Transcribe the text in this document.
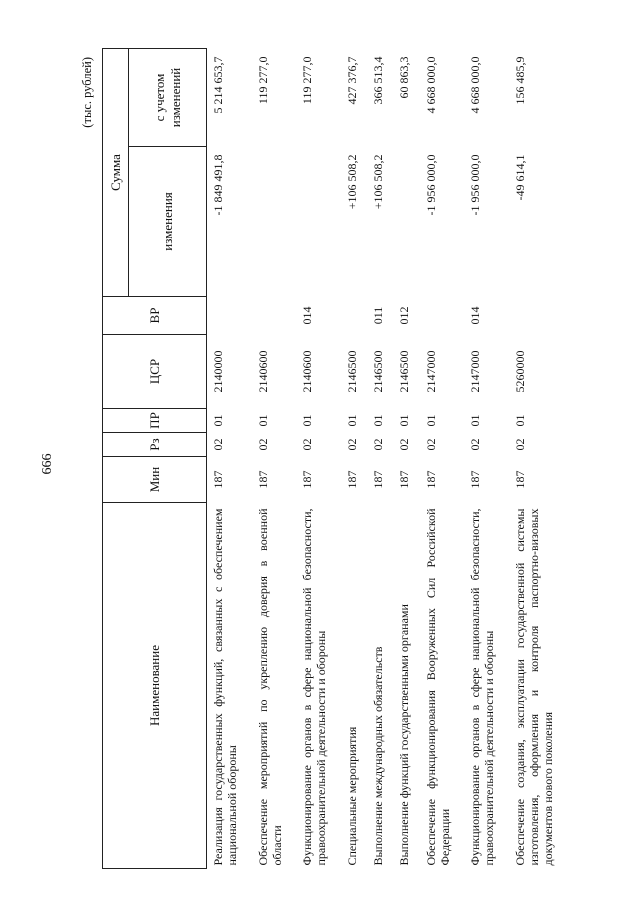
666
(тыс. рублей)
Наименование	Мин	Рз	ПР	ЦСР	ВР	Сумма	
						изменения	с учетом изменений
Реализация государственных функций, связанных с обеспечением национальной обороны	187	02	01	2140000		-1 849 491,8	5 214 653,7
Обеспечение мероприятий по укреплению доверия в военной области	187	02	01	2140600			119 277,0
Функционирование органов в сфере национальной безопасности, правоохранительной деятельности и обороны	187	02	01	2140600	014		119 277,0
Специальные мероприятия	187	02	01	2146500		+106 508,2	427 376,7
Выполнение международных обязательств	187	02	01	2146500	011	+106 508,2	366 513,4
Выполнение функций государственными органами	187	02	01	2146500	012		60 863,3
Обеспечение функционирования Вооруженных Сил Российской Федерации	187	02	01	2147000		-1 956 000,0	4 668 000,0
Функционирование органов в сфере национальной безопасности, правоохранительной деятельности и обороны	187	02	01	2147000	014	-1 956 000,0	4 668 000,0
Обеспечение создания, эксплуатации государственной системы изготовления, оформления и контроля паспортно-визовых документов нового поколения	187	02	01	5260000		-49 614,1	156 485,9
